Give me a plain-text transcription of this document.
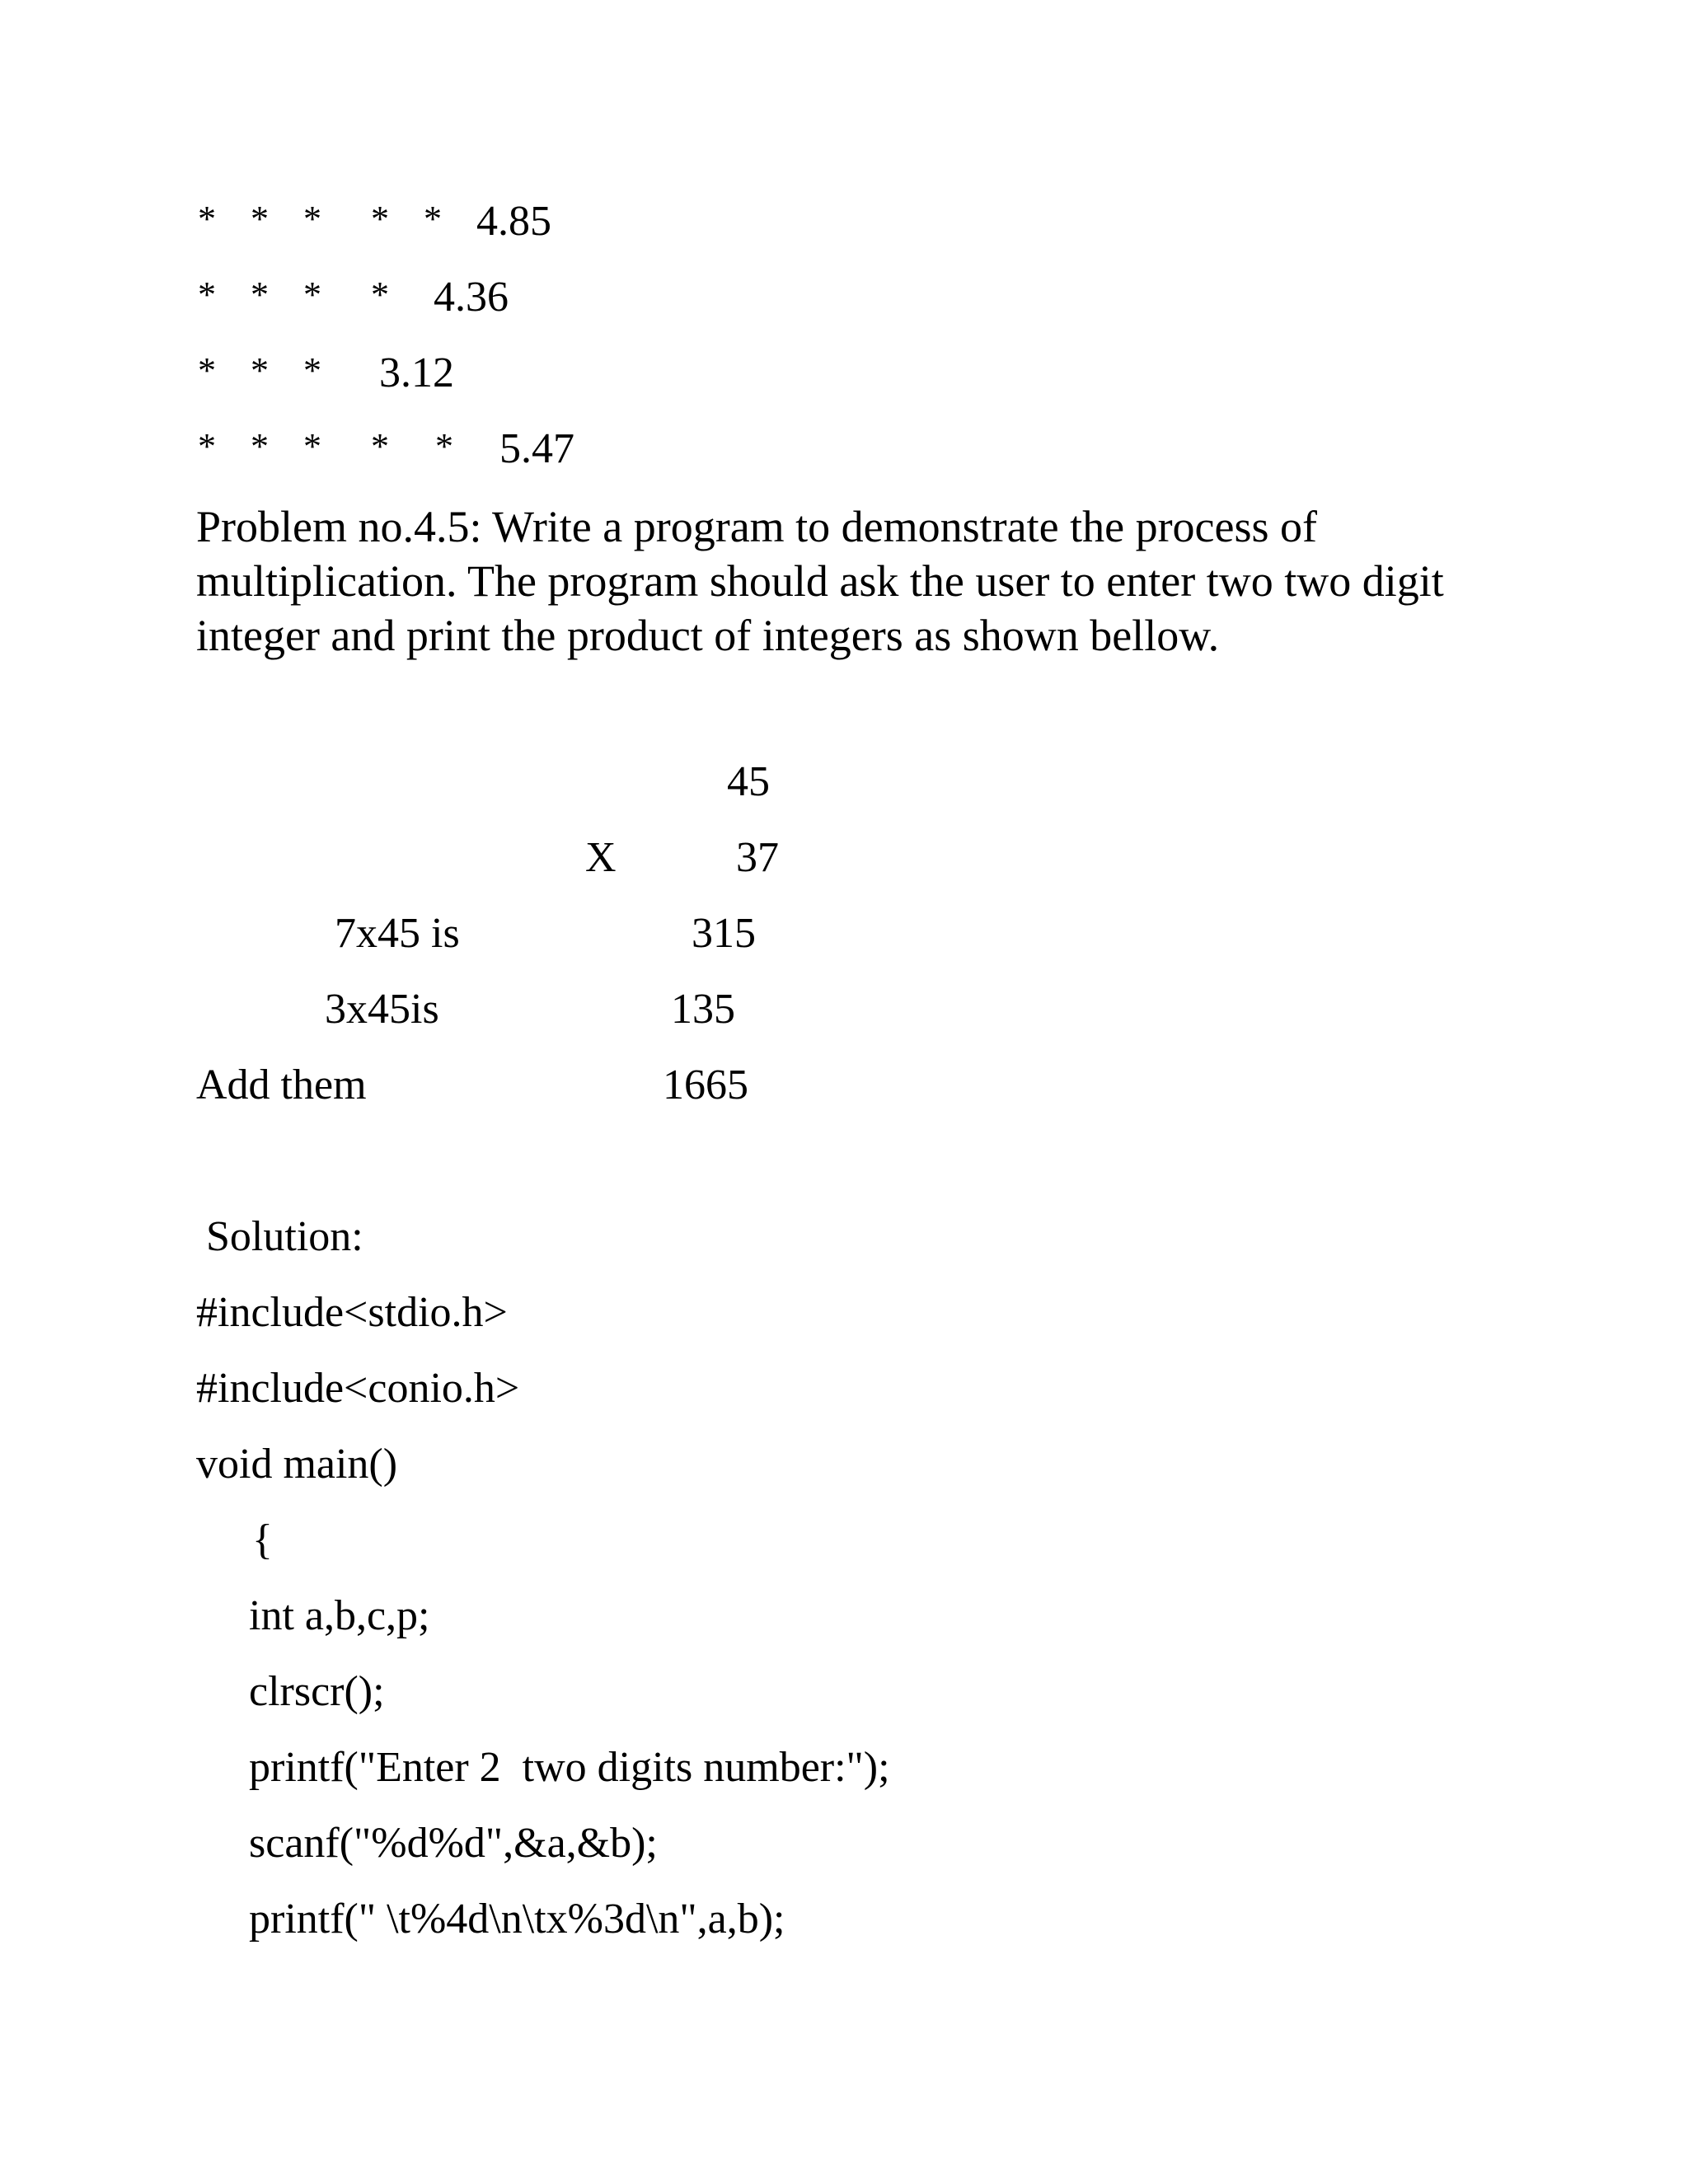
* * * * * 4.85
* * * * 4.36
* * * 3.12
* * * * * 5.47
Problem no.4.5: Write a program to demonstrate the process of
multiplication. The program should ask the user to enter two two digit
integer and print the product of integers as shown bellow.
45
X	37
7x45 is	315
3x45is	135
Add them	1665
Solution:
#include<stdio.h>
#include<conio.h>
void main()
{
int a,b,c,p;
clrscr();
printf("Enter 2  two digits number:");
scanf("%d%d",&a,&b);
printf(" \t%4d\n\tx%3d\n",a,b);
